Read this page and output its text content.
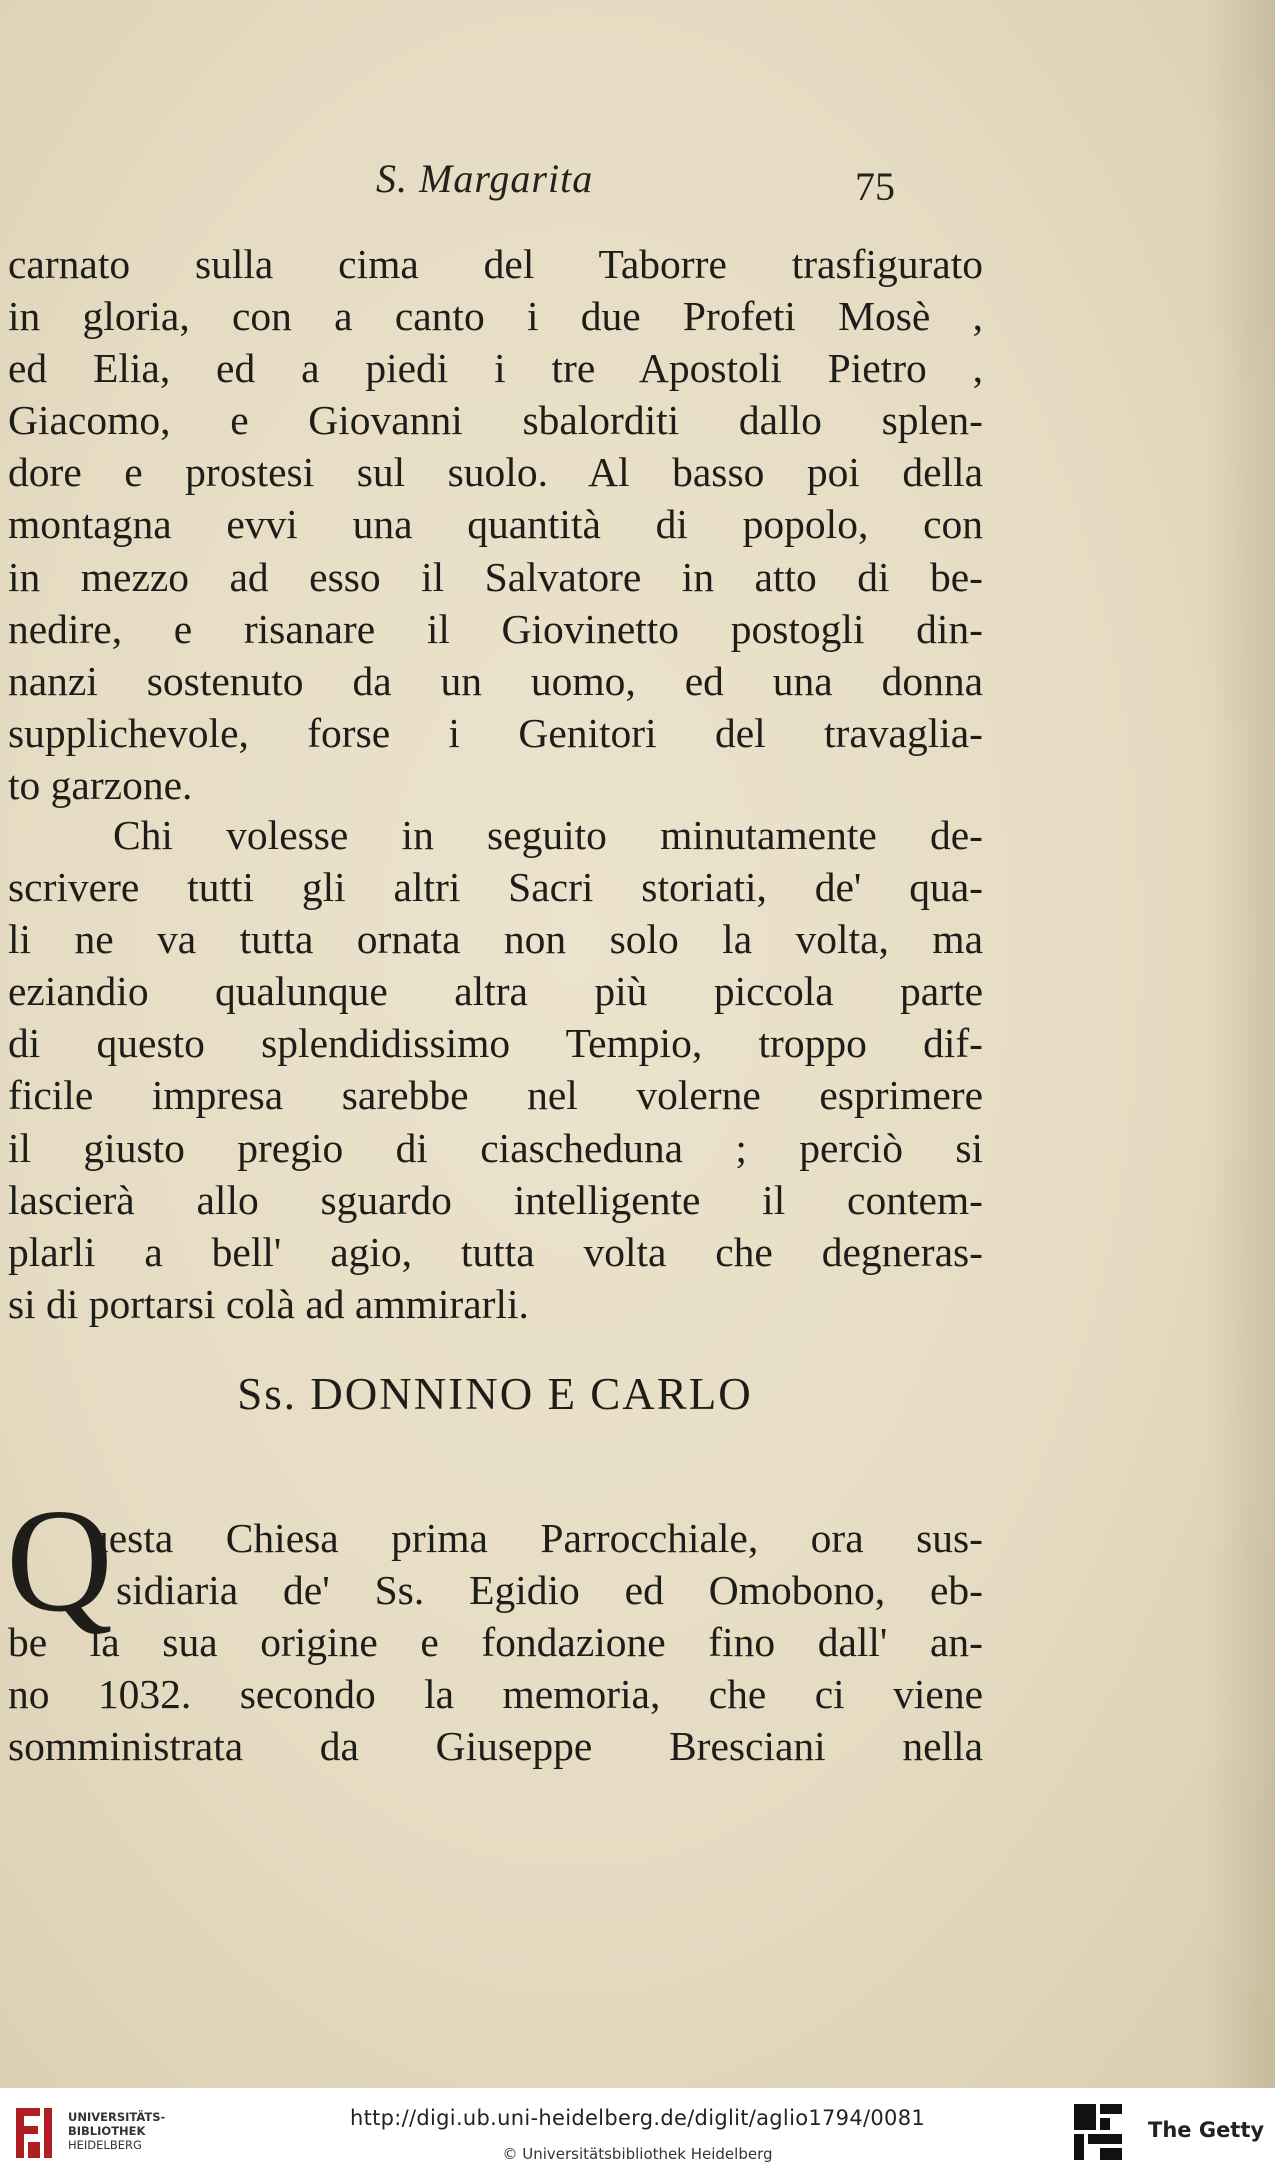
S. Margarita	75
carnato sulla cima del Taborre trasfigurato
in gloria, con a canto i due Profeti Mosè ,
ed Elia, ed a piedi i tre Apostoli Pietro ,
Giacomo, e Giovanni sbalorditi dallo splen-
dore e prostesi sul suolo. Al basso poi della
montagna evvi una quantità di popolo, con
in mezzo ad esso il Salvatore in atto di be-
nedire, e risanare il Giovinetto postogli din-
nanzi sostenuto da un uomo, ed una donna
supplichevole, forse i Genitori del travaglia-
to garzone.
Chi volesse in seguito minutamente de-
scrivere tutti gli altri Sacri storiati, de' qua-
li ne va tutta ornata non solo la volta, ma
eziandio qualunque altra più piccola parte
di questo splendidissimo Tempio, troppo dif-
ficile impresa sarebbe nel volerne esprimere
il giusto pregio di ciascheduna ; perciò si
lascierà allo sguardo intelligente il contem-
plarli a bell' agio, tutta volta che degneras-
si di portarsi colà ad ammirarli.
Ss. DONNINO E CARLO
Q
uesta Chiesa prima Parrocchiale, ora sus-
sidiaria de' Ss. Egidio ed Omobono, eb-
be la sua origine e fondazione fino dall' an-
no 1032. secondo la memoria, che ci viene
somministrata da Giuseppe Bresciani nella
UNIVERSITÄTS-
BIBLIOTHEK
HEIDELBERG
http://digi.ub.uni-heidelberg.de/diglit/aglio1794/0081
© Universitätsbibliothek Heidelberg
The Getty
